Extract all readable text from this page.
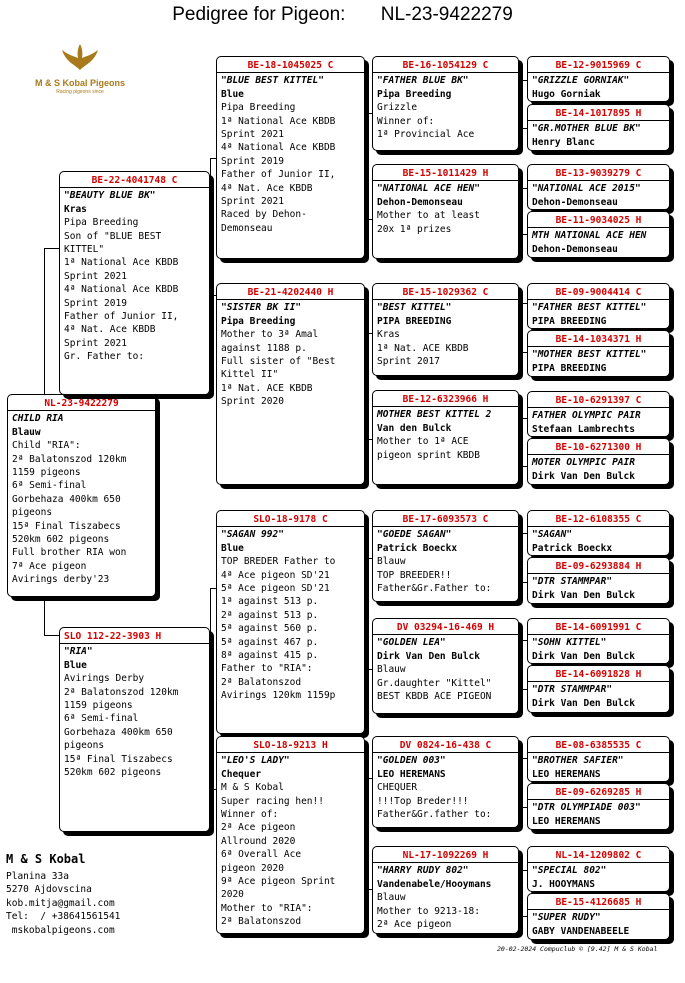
Pedigree for Pigeon: NL-23-9422279
M & S Kobal Pigeons
Racing pigeons since
NL-23-9422279
CHILD RIA
Blauw
Child "RIA":
2ª Balatonszod 120km
1159 pigeons
6ª Semi-final
Gorbehaza 400km 650
pigeons
15ª Final Tiszabecs
520km 602 pigeons
Full brother RIA won
7ª Ace pigeon
Avirings derby'23
BE-22-4041748 C
"BEAUTY BLUE BK"
Kras
Pipa Breeding
Son of "BLUE BEST
KITTEL"
1ª National Ace KBDB
Sprint 2021
4ª National Ace KBDB
Sprint 2019
Father of Junior II,
4ª Nat. Ace KBDB
Sprint 2021
Gr. Father to:
SLO 112-22-3903 H
"RIA"
Blue
Avirings Derby
2ª Balatonszod 120km
1159 pigeons
6ª Semi-final
Gorbehaza 400km 650
pigeons
15ª Final Tiszabecs
520km 602 pigeons
BE-18-1045025 C
"BLUE BEST KITTEL"
Blue
Pipa Breeding
1ª National Ace KBDB
Sprint 2021
4ª National Ace KBDB
Sprint 2019
Father of Junior II,
4ª Nat. Ace KBDB
Sprint 2021
Raced by Dehon-
Demonseau
BE-21-4202440 H
"SISTER BK II"
Pipa Breeding
Mother to 3ª Amal
against 1188 p.
Full sister of "Best
Kittel II"
1ª Nat. ACE KBDB
Sprint 2020
SLO-18-9178 C
"SAGAN 992"
Blue
TOP BREDER Father to
4ª Ace pigeon SD'21
5ª Ace pigeon SD'21
1ª against 513 p.
2ª against 513 p.
5ª against 560 p.
5ª against 467 p.
8ª against 415 p.
Father to "RIA":
2ª Balatonszod
Avirings 120km 1159p
SLO-18-9213 H
"LEO'S LADY"
Chequer
M & S Kobal
Super racing hen!!
Winner of:
2ª Ace pigeon
Allround 2020
6ª Overall Ace
pigeon 2020
9ª Ace pigeon Sprint
2020
Mother to "RIA":
2ª Balatonszod
BE-16-1054129 C
"FATHER BLUE BK"
Pipa Breeding
Grizzle
Winner of:
1ª Provincial Ace
BE-15-1011429 H
"NATIONAL ACE HEN"
Dehon-Demonseau
Mother to at least
20x 1ª prizes
BE-15-1029362 C
"BEST KITTEL"
PIPA BREEDING
Kras
1ª Nat. ACE KBDB
Sprint 2017
BE-12-6323966 H
MOTHER BEST KITTEL 2
Van den Bulck
Mother to 1ª ACE
pigeon sprint KBDB
BE-17-6093573 C
"GOEDE SAGAN"
Patrick Boeckx
Blauw
TOP BREEDER!!
Father&Gr.Father to:
DV 03294-16-469 H
"GOLDEN LEA"
Dirk Van Den Bulck
Blauw
Gr.daughter "Kittel"
BEST KBDB ACE PIGEON
DV 0824-16-438 C
"GOLDEN 003"
LEO HEREMANS
CHEQUER
!!!Top Breder!!!
Father&Gr.father to:
NL-17-1092269 H
"HARRY RUDY 802"
Vandenabele/Hooymans
Blauw
Mother to 9213-18:
2ª Ace pigeon
BE-12-9015969 C
"GRIZZLE GORNIAK"
Hugo Gorniak
BE-14-1017895 H
"GR.MOTHER BLUE BK"
Henry Blanc
BE-13-9039279 C
"NATIONAL ACE 2015"
Dehon-Demonseau
BE-11-9034025 H
MTH NATIONAL ACE HEN
Dehon-Demonseau
BE-09-9004414 C
"FATHER BEST KITTEL"
PIPA BREEDING
BE-14-1034371 H
"MOTHER BEST KITTEL"
PIPA BREEDING
BE-10-6291397 C
FATHER OLYMPIC PAIR
Stefaan Lambrechts
BE-10-6271300 H
MOTER OLYMPIC PAIR
Dirk Van Den Bulck
BE-12-6108355 C
"SAGAN"
Patrick Boeckx
BE-09-6293884 H
"DTR STAMMPAR"
Dirk Van Den Bulck
BE-14-6091991 C
"SOHN KITTEL"
Dirk Van Den Bulck
BE-14-6091828 H
"DTR STAMMPAR"
Dirk Van Den Bulck
BE-08-6385535 C
"BROTHER SAFIER"
LEO HEREMANS
BE-09-6269285 H
"DTR OLYMPIADE 003"
LEO HEREMANS
NL-14-1209802 C
"SPECIAL 802"
J. HOOYMANS
BE-15-4126685 H
"SUPER RUDY"
GABY VANDENABEELE
M & S Kobal
Planina 33a
5270 Ajdovscina
kob.mitja@gmail.com
Tel:  / +38641561541
mskobalpigeons.com
20-02-2024 Compuclub © [9.42] M & S Kobal
